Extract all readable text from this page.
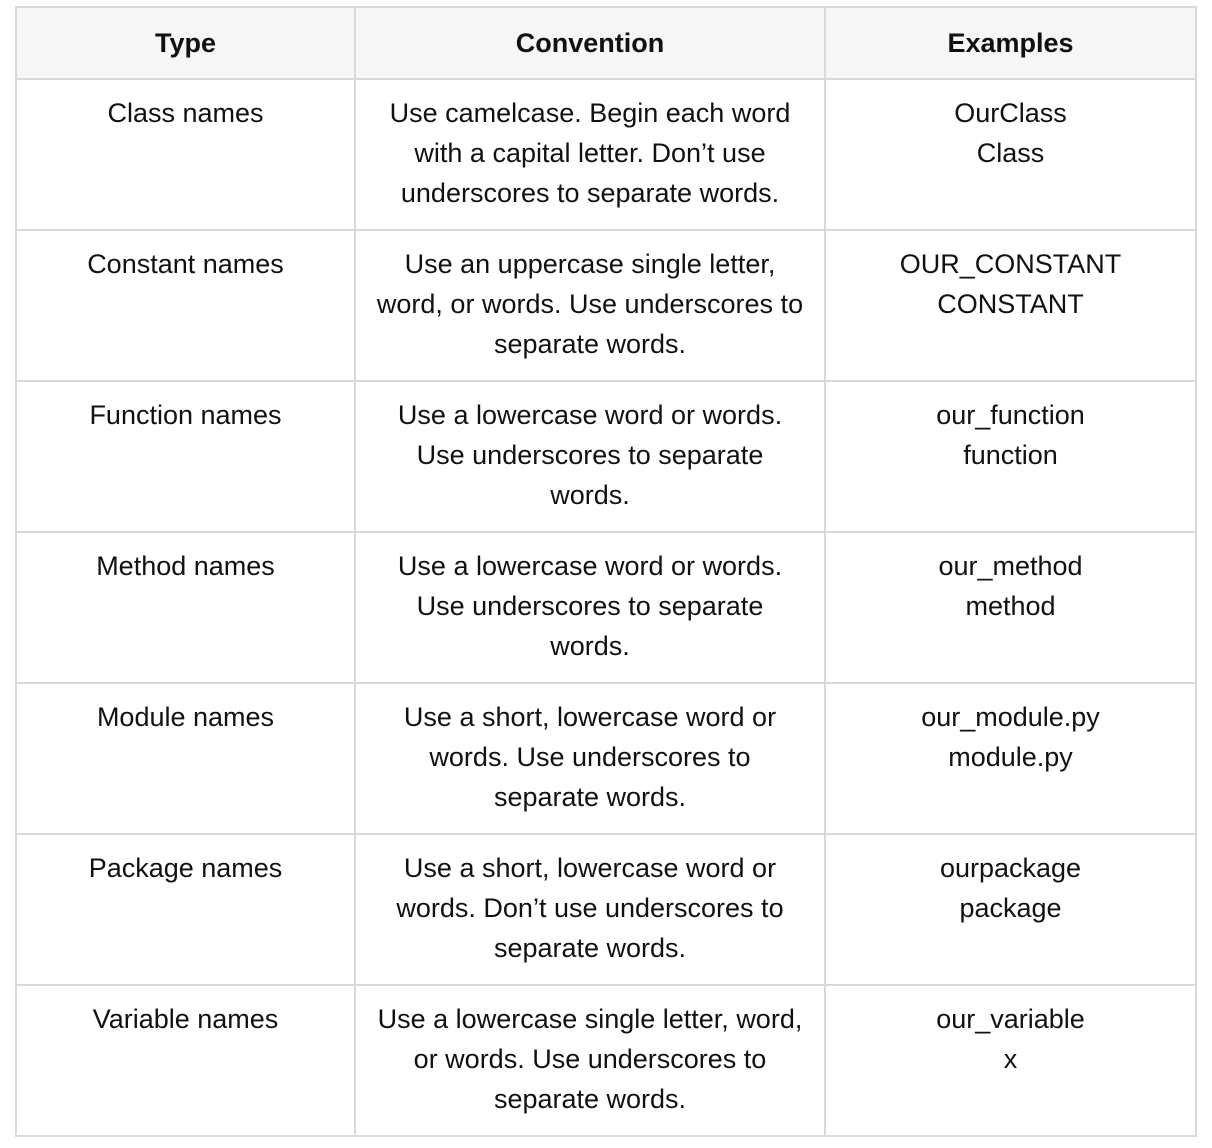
Type	Convention	Examples
Class names	Use camelcase. Begin each word with a capital letter. Don’t use underscores to separate words.	OurClass
Class

Constant names	Use an uppercase single letter, word, or words. Use underscores to separate words.	OUR_CONSTANT
CONSTANT

Function names	Use a lowercase word or words. Use underscores to separate words.	our_function
function

Method names	Use a lowercase word or words. Use underscores to separate words.	our_method
method

Module names	Use a short, lowercase word or words. Use underscores to separate words.	our_module.py
module.py

Package names	Use a short, lowercase word or words. Don’t use underscores to separate words.	ourpackage
package

Variable names	Use a lowercase single letter, word, or words. Use underscores to separate words.	our_variable
x
